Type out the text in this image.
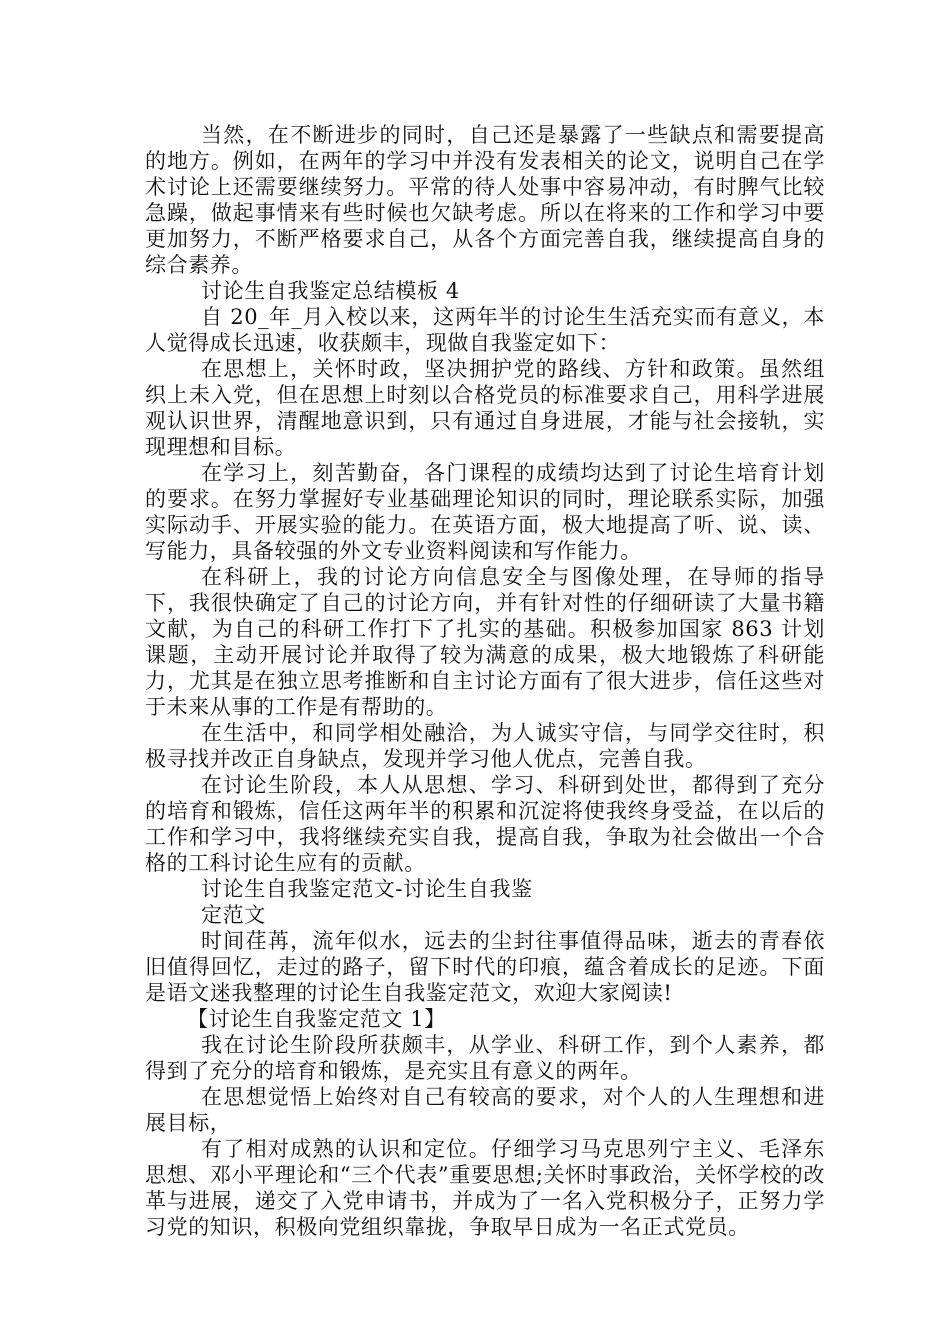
当然，在不断进步的同时，自己还是暴露了一些缺点和需要提高的地方。例如，在两年的学习中并没有发表相关的论文，说明自己在学术讨论上还需要继续努力。平常的待人处事中容易冲动，有时脾气比较急躁，做起事情来有些时候也欠缺考虑。所以在将来的工作和学习中要更加努力，不断严格要求自己，从各个方面完善自我，继续提高自身的综合素养。

讨论生自我鉴定总结模板 4

自 20_年_月入校以来，这两年半的讨论生生活充实而有意义，本人觉得成长迅速，收获颇丰，现做自我鉴定如下：

在思想上，关怀时政，坚决拥护党的路线、方针和政策。虽然组织上未入党，但在思想上时刻以合格党员的标准要求自己，用科学进展观认识世界，清醒地意识到，只有通过自身进展，才能与社会接轨，实现理想和目标。

在学习上，刻苦勤奋，各门课程的成绩均达到了讨论生培育计划的要求。在努力掌握好专业基础理论知识的同时，理论联系实际，加强实际动手、开展实验的能力。在英语方面，极大地提高了听、说、读、写能力，具备较强的外文专业资料阅读和写作能力。

在科研上，我的讨论方向信息安全与图像处理，在导师的指导下，我很快确定了自己的讨论方向，并有针对性的仔细研读了大量书籍文献，为自己的科研工作打下了扎实的基础。积极参加国家 863 计划课题，主动开展讨论并取得了较为满意的成果，极大地锻炼了科研能力，尤其是在独立思考推断和自主讨论方面有了很大进步，信任这些对于未来从事的工作是有帮助的。

在生活中，和同学相处融洽，为人诚实守信，与同学交往时，积极寻找并改正自身缺点，发现并学习他人优点，完善自我。

在讨论生阶段，本人从思想、学习、科研到处世，都得到了充分的培育和锻炼，信任这两年半的积累和沉淀将使我终身受益，在以后的工作和学习中，我将继续充实自我，提高自我，争取为社会做出一个合格的工科讨论生应有的贡献。

讨论生自我鉴定范文-讨论生自我鉴

定范文

时间荏苒，流年似水，远去的尘封往事值得品味，逝去的青春依旧值得回忆，走过的路子，留下时代的印痕，蕴含着成长的足迹。下面是语文迷我整理的讨论生自我鉴定范文，欢迎大家阅读!

【讨论生自我鉴定范文 1】

我在讨论生阶段所获颇丰，从学业、科研工作，到个人素养，都得到了充分的培育和锻炼，是充实且有意义的两年。

在思想觉悟上始终对自己有较高的要求，对个人的人生理想和进展目标，

有了相对成熟的认识和定位。仔细学习马克思列宁主义、毛泽东思想、邓小平理论和“三个代表”重要思想;关怀时事政治，关怀学校的改革与进展，递交了入党申请书，并成为了一名入党积极分子，正努力学习党的知识，积极向党组织靠拢，争取早日成为一名正式党员。
